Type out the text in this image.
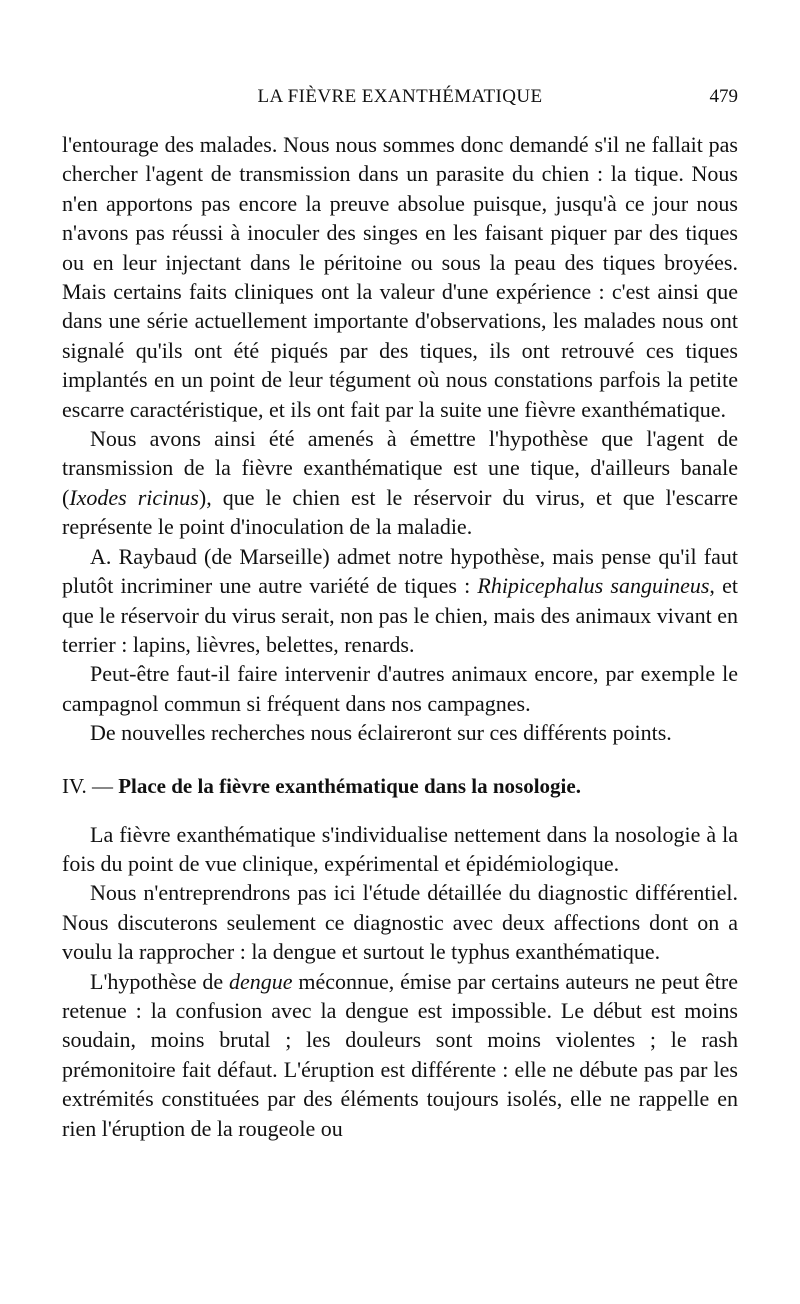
LA FIÈVRE EXANTHÉMATIQUE	479

l'entourage des malades. Nous nous sommes donc demandé s'il ne fallait pas chercher l'agent de transmission dans un parasite du chien : la tique. Nous n'en apportons pas encore la preuve absolue puisque, jusqu'à ce jour nous n'avons pas réussi à inoculer des singes en les faisant piquer par des tiques ou en leur injectant dans le péritoine ou sous la peau des tiques broyées. Mais certains faits cliniques ont la valeur d'une expérience : c'est ainsi que dans une série actuellement importante d'observations, les malades nous ont signalé qu'ils ont été piqués par des tiques, ils ont retrouvé ces tiques implantés en un point de leur tégument où nous constations parfois la petite escarre caractéristique, et ils ont fait par la suite une fièvre exanthématique.

Nous avons ainsi été amenés à émettre l'hypothèse que l'agent de transmission de la fièvre exanthématique est une tique, d'ailleurs banale (Ixodes ricinus), que le chien est le réservoir du virus, et que l'escarre représente le point d'inoculation de la maladie.

A. Raybaud (de Marseille) admet notre hypothèse, mais pense qu'il faut plutôt incriminer une autre variété de tiques : Rhipicephalus sanguineus, et que le réservoir du virus serait, non pas le chien, mais des animaux vivant en terrier : lapins, lièvres, belettes, renards.

Peut-être faut-il faire intervenir d'autres animaux encore, par exemple le campagnol commun si fréquent dans nos campagnes.

De nouvelles recherches nous éclaireront sur ces différents points.

IV. — Place de la fièvre exanthématique dans la nosologie.

La fièvre exanthématique s'individualise nettement dans la nosologie à la fois du point de vue clinique, expérimental et épidémiologique.

Nous n'entreprendrons pas ici l'étude détaillée du diagnostic différentiel. Nous discuterons seulement ce diagnostic avec deux affections dont on a voulu la rapprocher : la dengue et surtout le typhus exanthématique.

L'hypothèse de dengue méconnue, émise par certains auteurs ne peut être retenue : la confusion avec la dengue est impossible. Le début est moins soudain, moins brutal ; les douleurs sont moins violentes ; le rash prémonitoire fait défaut. L'éruption est différente : elle ne débute pas par les extrémités constituées par des éléments toujours isolés, elle ne rappelle en rien l'éruption de la rougeole ou
